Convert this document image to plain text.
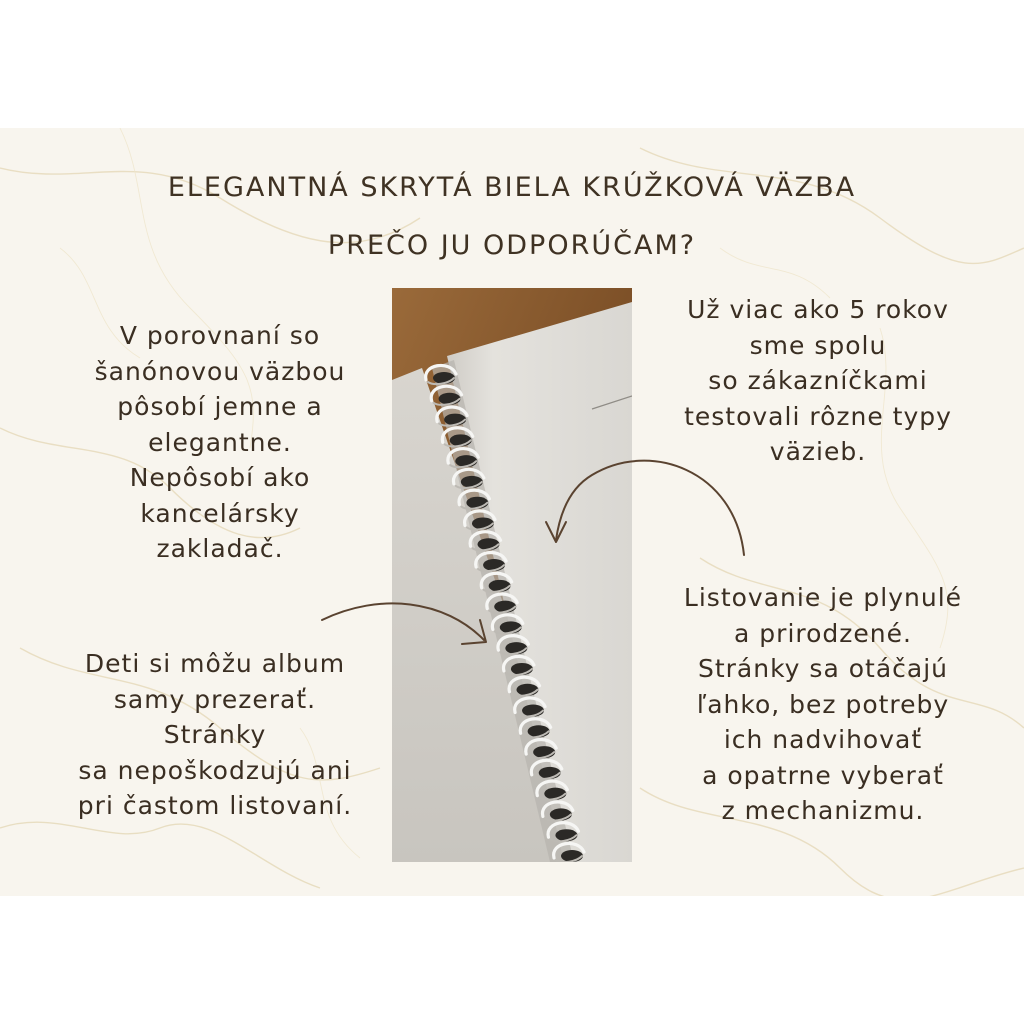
ELEGANTNÁ SKRYTÁ BIELA KRÚŽKOVÁ VÄZBA
PREČO JU ODPORÚČAM?
V porovnaní so
šanónovou väzbou
pôsobí jemne a
elegantne.
Nepôsobí ako
kancelársky
zakladač.
Deti si môžu album
samy prezerať.
Stránky
sa nepoškodzujú ani
pri častom listovaní.
Už viac ako 5 rokov
sme spolu
so zákazníčkami
testovali rôzne typy
väzieb.
Listovanie je plynulé
a prirodzené.
Stránky sa otáčajú
ľahko, bez potreby
ich nadvihovať
a opatrne vyberať
z mechanizmu.
